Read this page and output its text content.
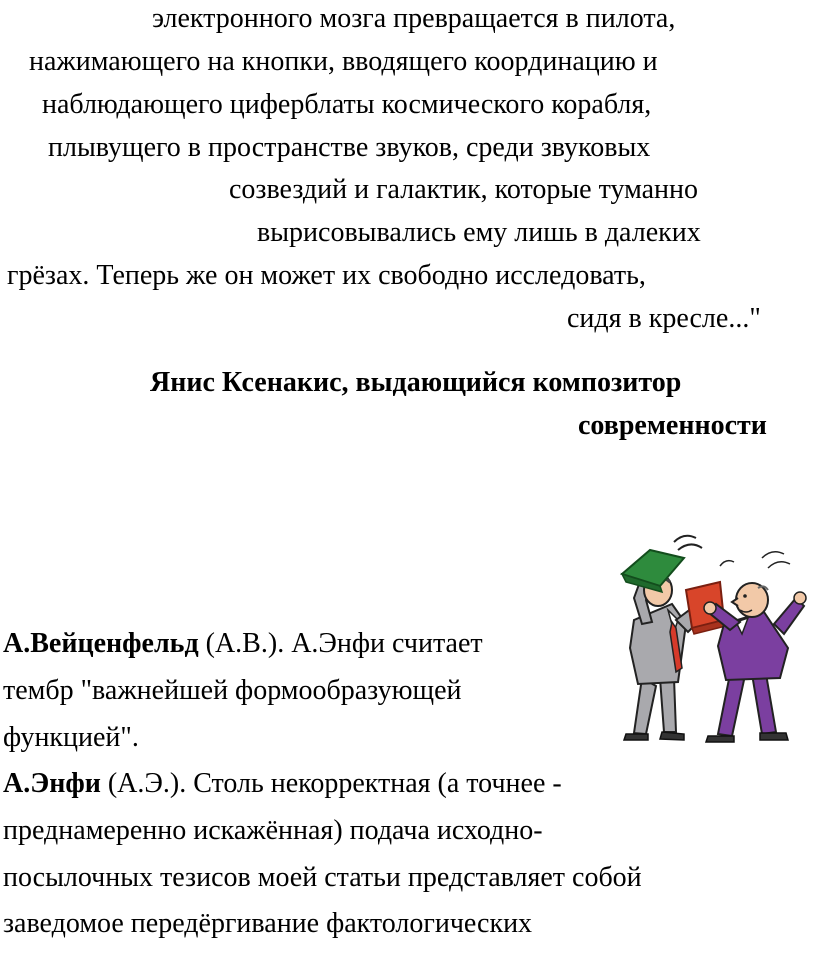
электронного мозга превращается в пилота,
нажимающего на кнопки, вводящего координацию и
наблюдающего циферблаты космического корабля,
плывущего в пространстве звуков, среди звуковых
созвездий и галактик, которые туманно
вырисовывались ему лишь в далеких
грёзах. Теперь же он может их свободно исследовать,
сидя в кресле..."
Янис Ксенакис, выдающийся композитор
современности
А.Вейценфельд (А.В.). А.Энфи считает
тембр "важнейшей формообразующей
функцией".
А.Энфи (А.Э.). Столь некорректная (а точнее -
преднамеренно искажённая) подача исходно-
посылочных тезисов моей статьи представляет собой
заведомое передёргивание фактологических
